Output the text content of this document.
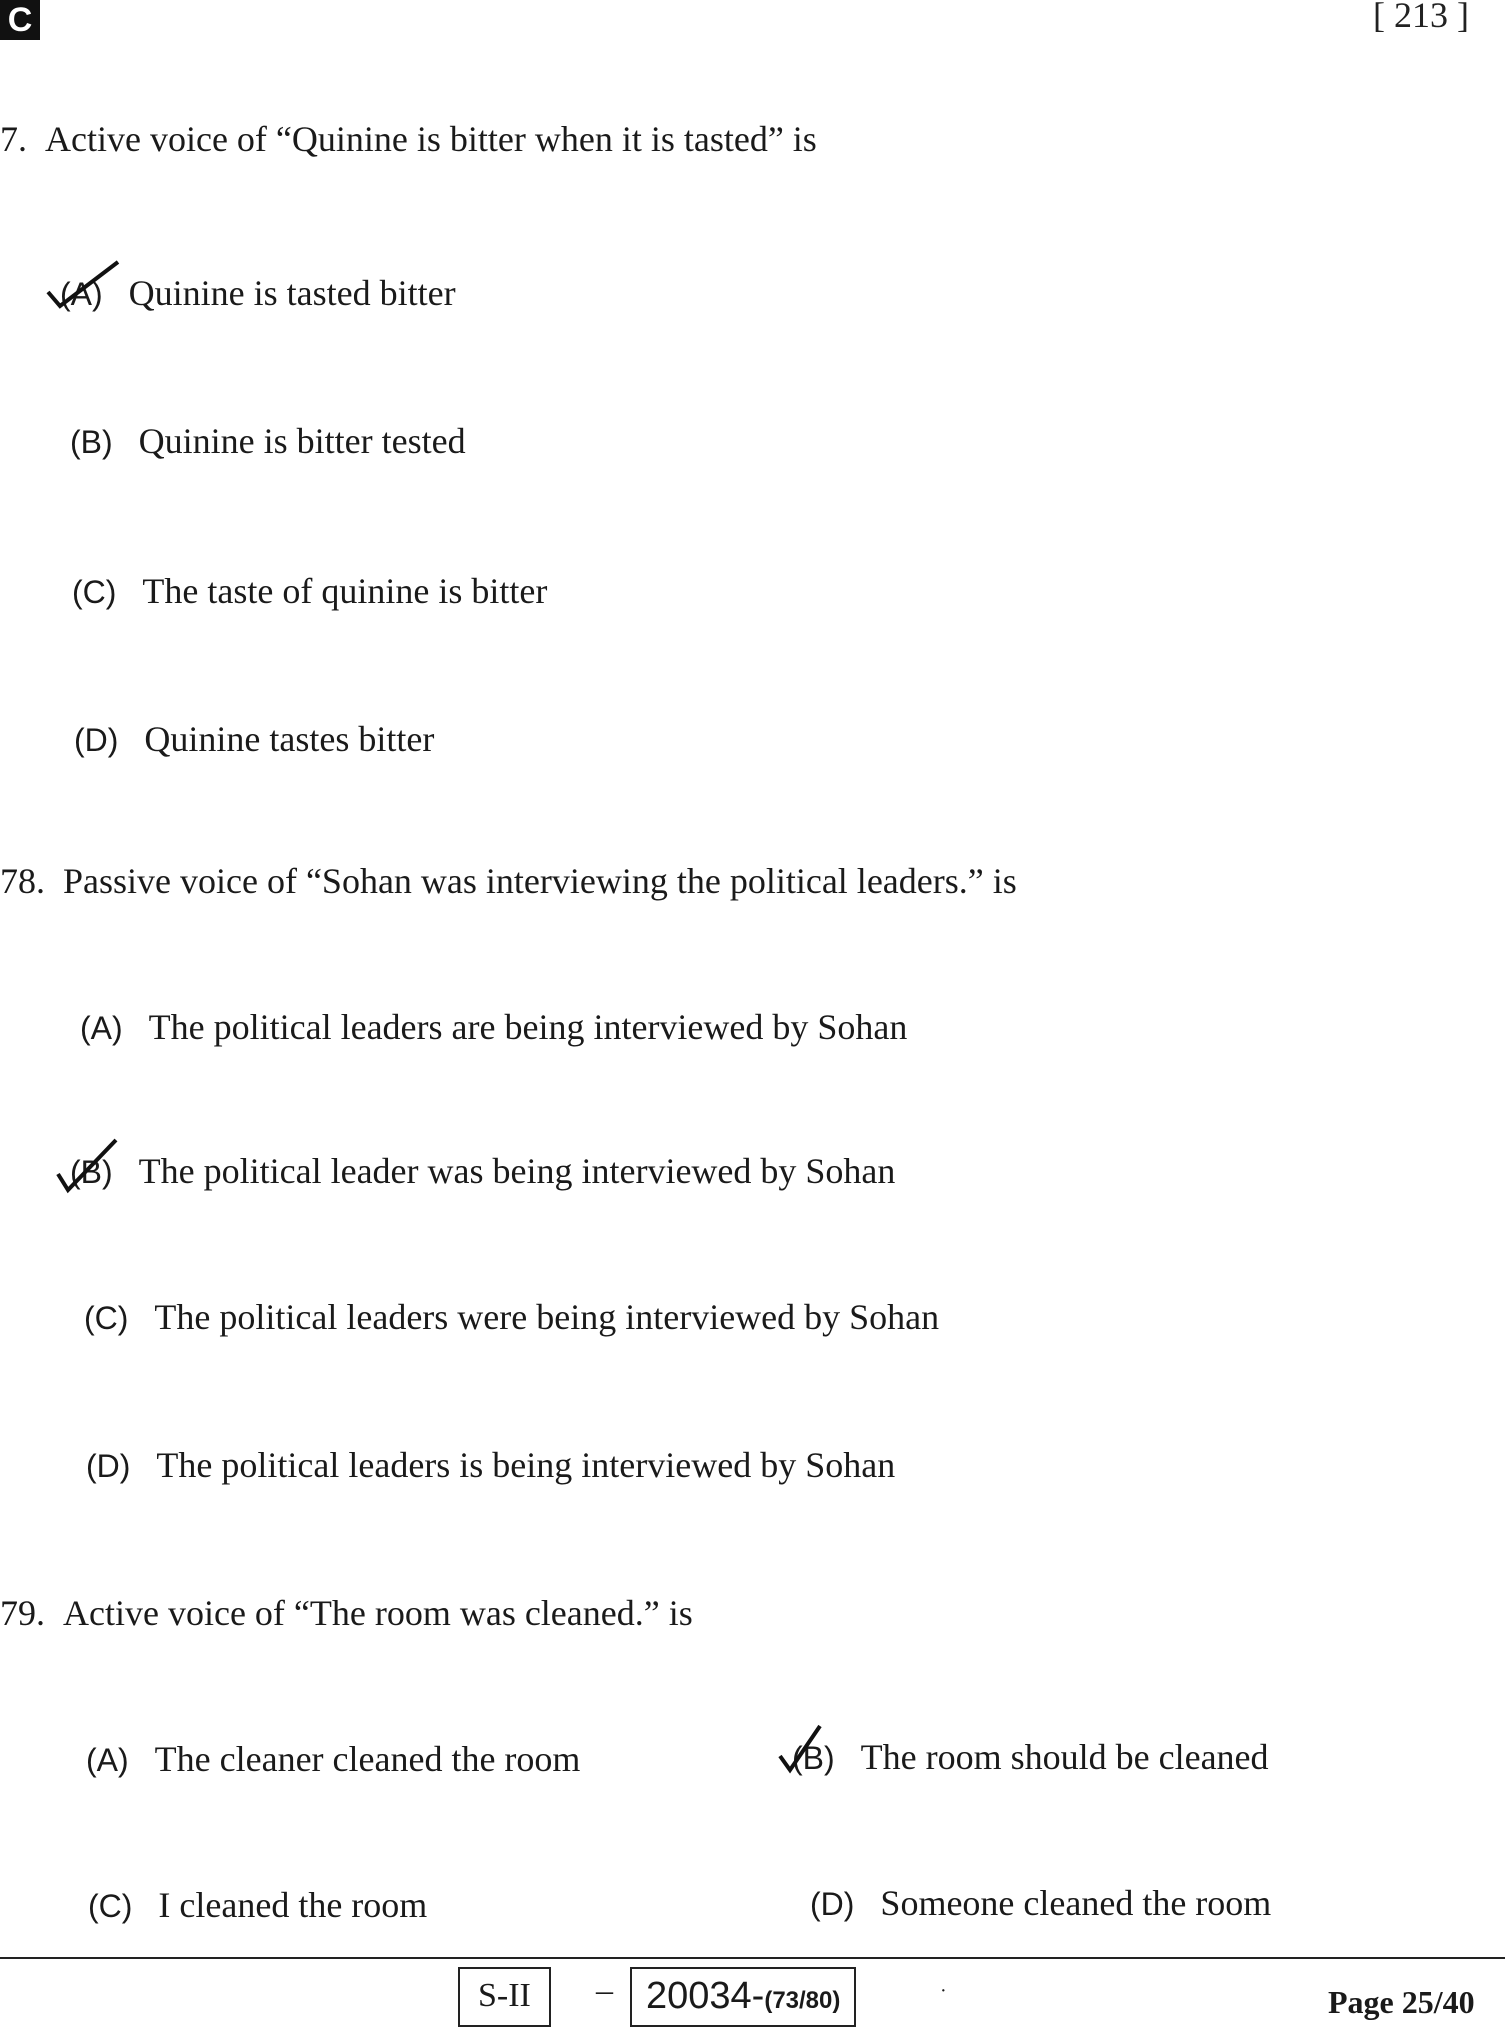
C	[ 213 ]
7. Active voice of “Quinine is bitter when it is tasted” is
(A) Quinine is tasted bitter
(B) Quinine is bitter tested
(C) The taste of quinine is bitter
(D) Quinine tastes bitter
78. Passive voice of “Sohan was interviewing the political leaders.” is
(A) The political leaders are being interviewed by Sohan
(B) The political leader was being interviewed by Sohan
(C) The political leaders were being interviewed by Sohan
(D) The political leaders is being interviewed by Sohan
79. Active voice of “The room was cleaned.” is
(A) The cleaner cleaned the room	(B) The room should be cleaned
(C) I cleaned the room	(D) Someone cleaned the room
S-II	– 20034-(73/80)	·	Page 25/40
